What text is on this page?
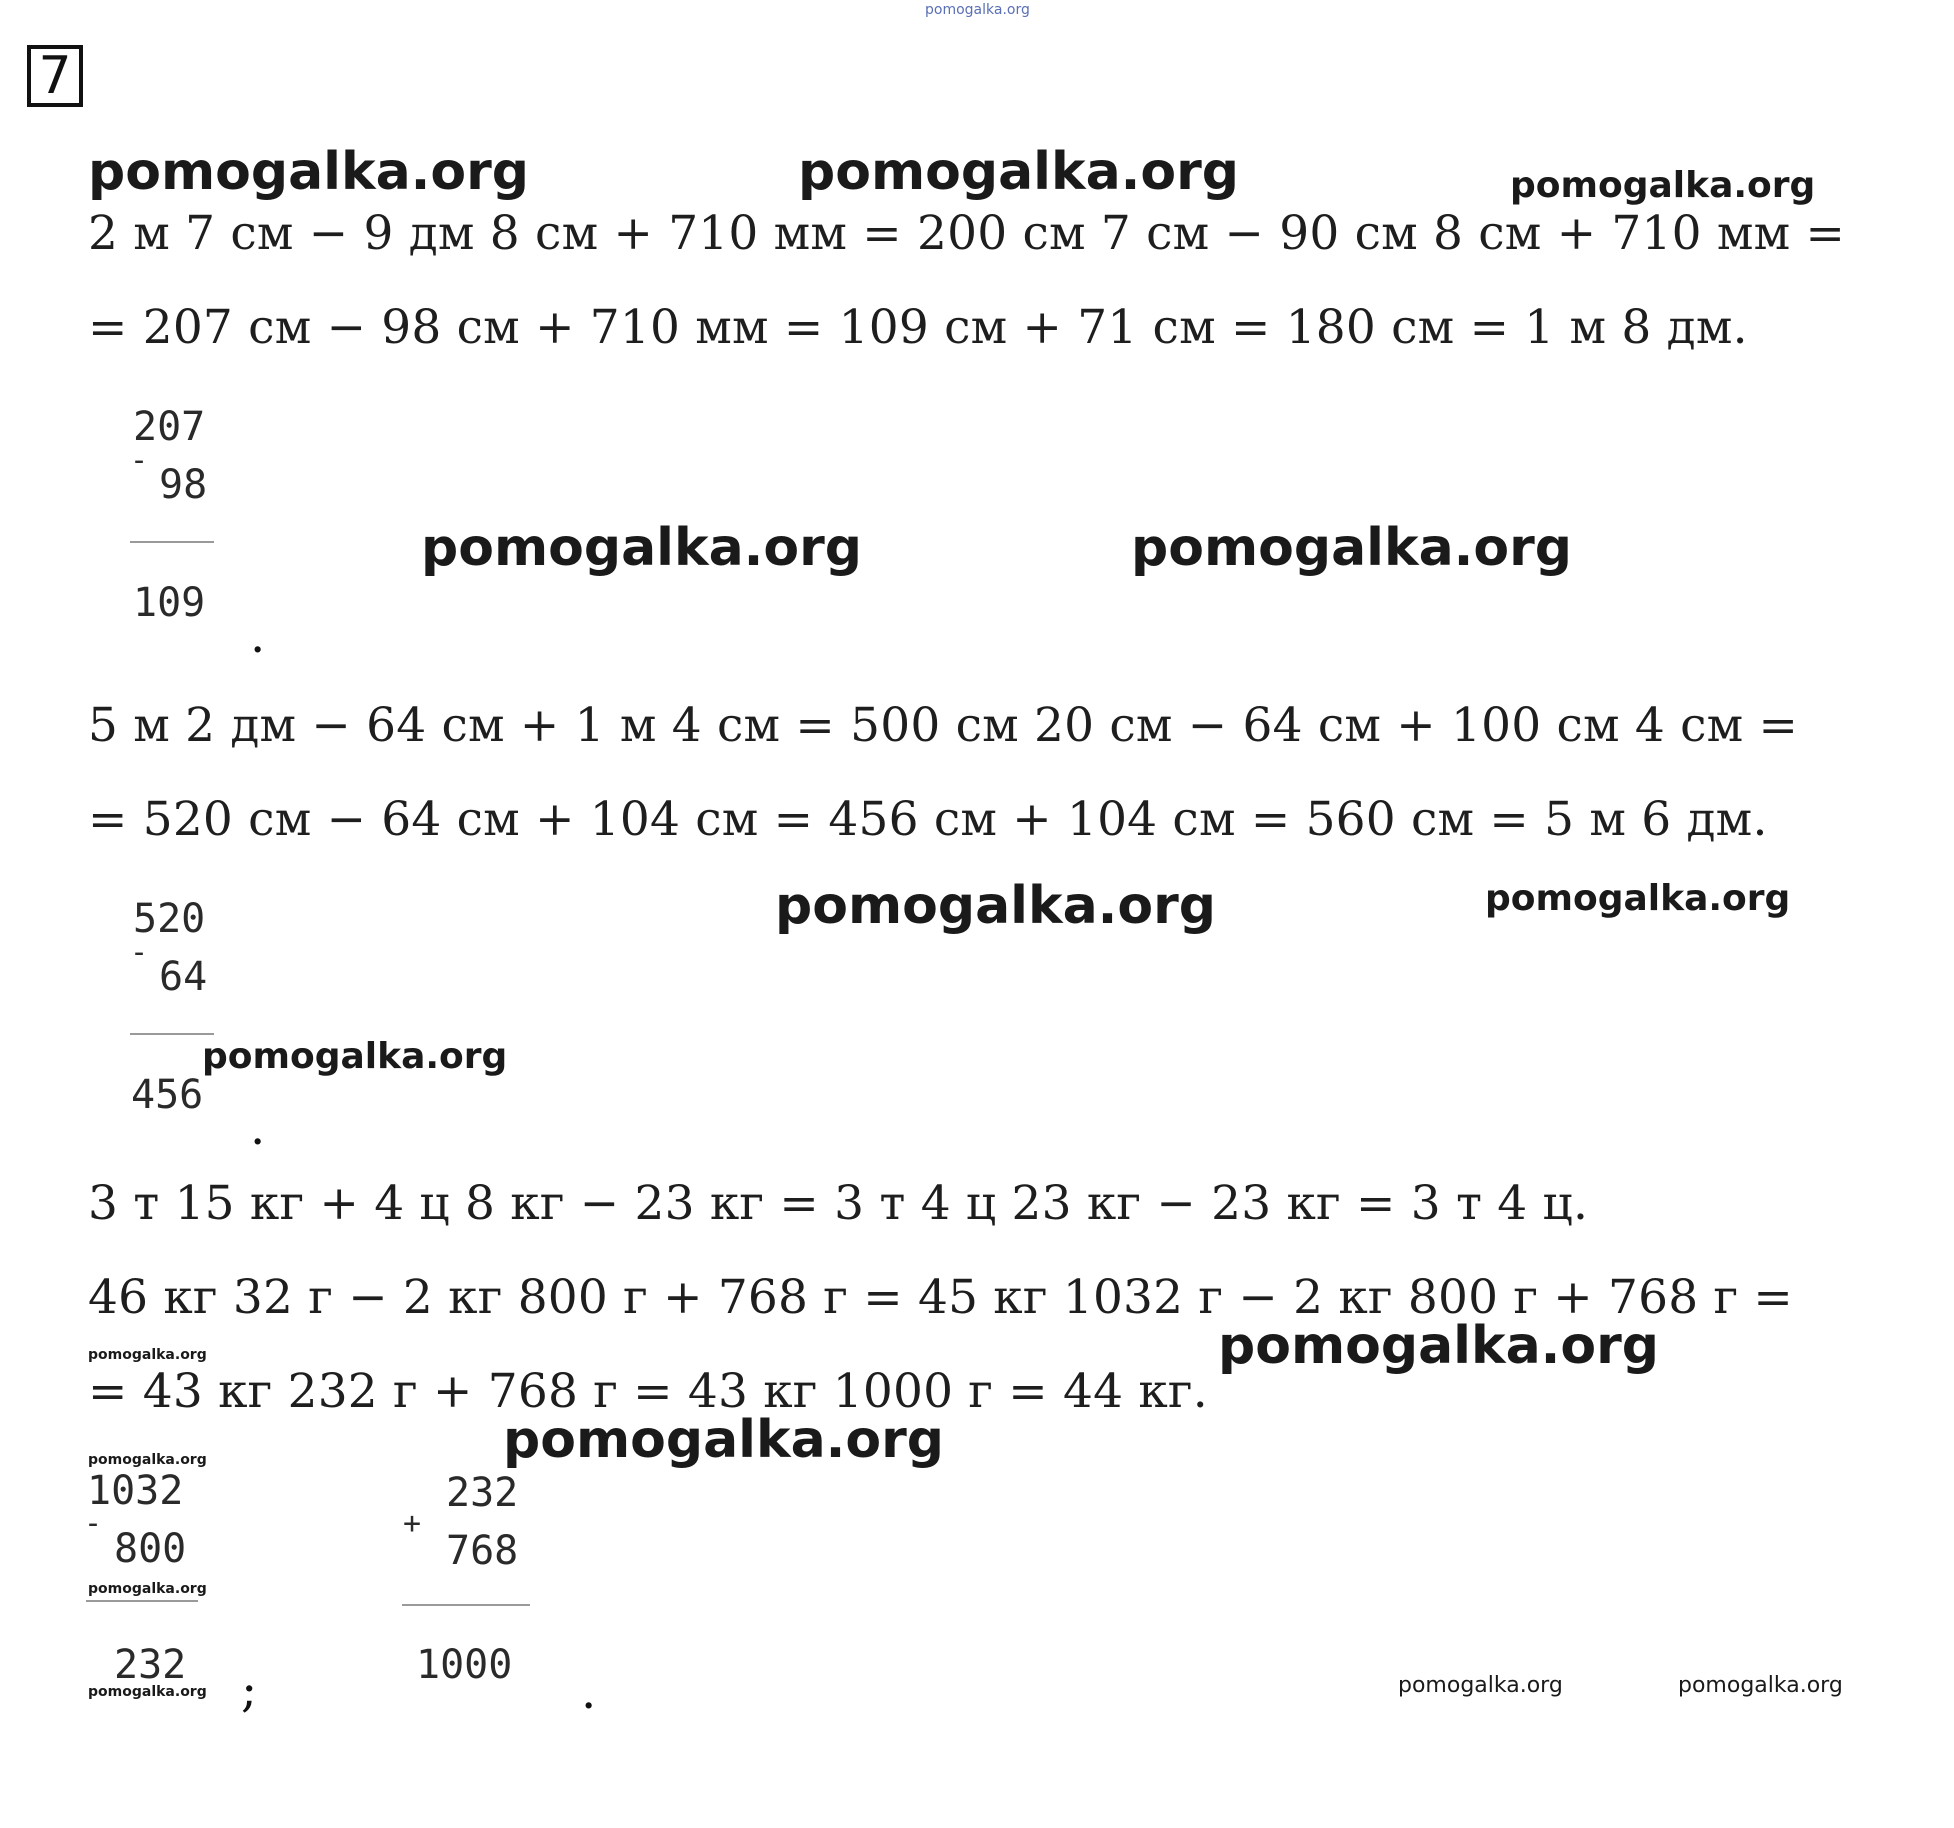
pomogalka.org
7
pomogalka.org	pomogalka.org	pomogalka.org
2 м 7 см − 9 дм 8 см + 710 мм = 200 см 7 см − 90 см 8 см + 710 мм =
= 207 см − 98 см + 710 мм = 109 см + 71 см = 180 см = 1 м 8 дм.
207
-
98
109
.
pomogalka.org	pomogalka.org
5 м 2 дм − 64 см + 1 м 4 см = 500 см 20 см − 64 см + 100 см 4 см =
= 520 см − 64 см + 104 см = 456 см + 104 см = 560 см = 5 м 6 дм.
520
-
64
456
.
pomogalka.org	pomogalka.org
pomogalka.org
3 т 15 кг + 4 ц 8 кг − 23 кг = 3 т 4 ц 23 кг − 23 кг = 3 т 4 ц.
46 кг 32 г − 2 кг 800 г + 768 г = 45 кг 1032 г − 2 кг 800 г + 768 г =
pomogalka.org	pomogalka.org
= 43 кг 232 г + 768 г = 43 кг 1000 г = 44 кг.
pomogalka.org
pomogalka.org
1032
-
800
pomogalka.org
232
pomogalka.org ;
232
+
768
1000 .	pomogalka.org	pomogalka.org
